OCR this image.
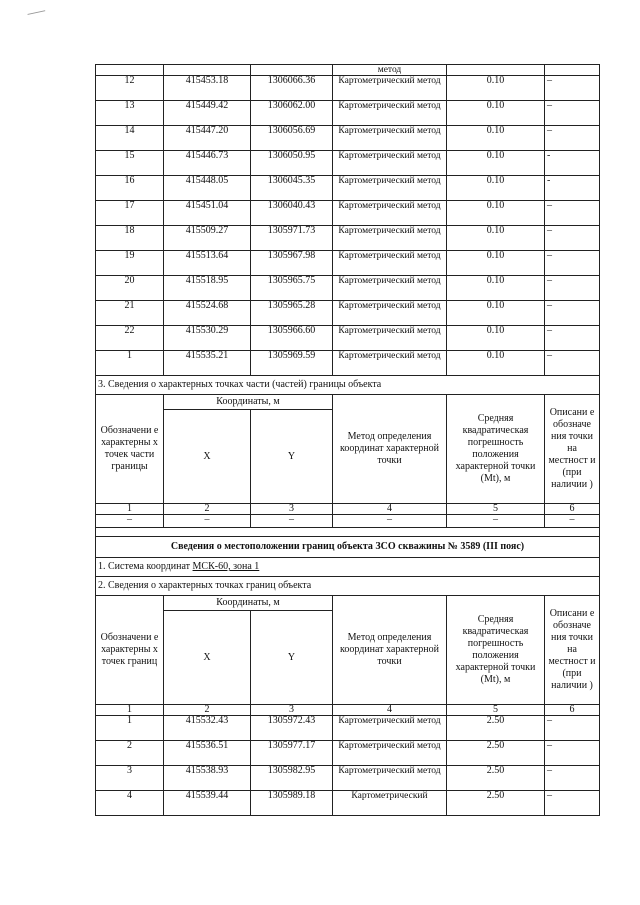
			метод		
12	415453.18	1306066.36	Картометрический метод	0.10	–
13	415449.42	1306062.00	Картометрический метод	0.10	–
14	415447.20	1306056.69	Картометрический метод	0.10	–
15	415446.73	1306050.95	Картометрический метод	0.10	-
16	415448.05	1306045.35	Картометрический метод	0.10	-
17	415451.04	1306040.43	Картометрический метод	0.10	–
18	415509.27	1305971.73	Картометрический метод	0.10	–
19	415513.64	1305967.98	Картометрический метод	0.10	–
20	415518.95	1305965.75	Картометрический метод	0.10	–
21	415524.68	1305965.28	Картометрический метод	0.10	–
22	415530.29	1305966.60	Картометрический метод	0.10	–
1	415535.21	1305969.59	Картометрический метод	0.10	–
3. Сведения о характерных точках части (частей) границы объекта					
Обозначени е характерны х точек части границы	Координаты, м		Метод определения координат характерной точки	Средняя квадратическая погрешность положения характерной точки (Mt), м	Описани е обозначе ния точки на местност и (при наличии )
	X	Y			
1	2	3	4	5	6
–	–	–	–	–	–

Сведения о местоположении границ объекта ЗСО скважины № 3589 (III пояс)					
1. Система координат МСК-60, зона 1					
2. Сведения о характерных точках границ объекта					
Обозначени е характерны х точек границ	Координаты, м		Метод определения координат характерной точки	Средняя квадратическая погрешность положения характерной точки (Mt), м	Описани е обозначе ния точки на местност и (при наличии )
	X	Y			
1	2	3	4	5	6
1	415532.43	1305972.43	Картометрический метод	2.50	–
2	415536.51	1305977.17	Картометрический метод	2.50	–
3	415538.93	1305982.95	Картометрический метод	2.50	–
4	415539.44	1305989.18	Картометрический	2.50	–
